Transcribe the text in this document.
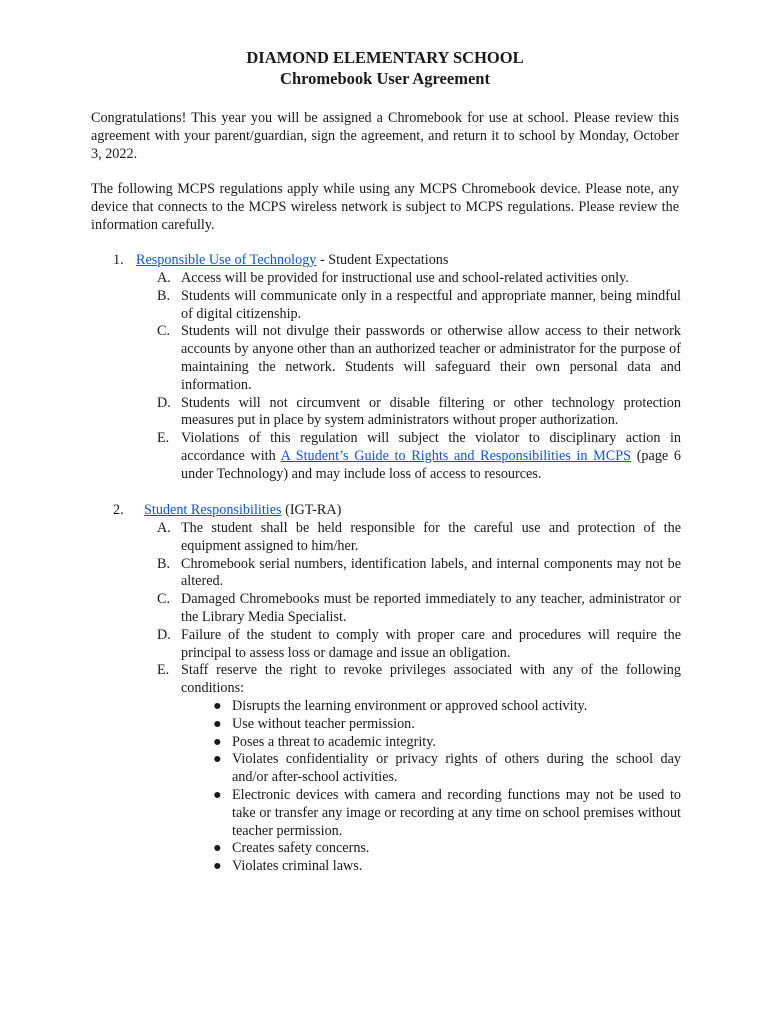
DIAMOND ELEMENTARY SCHOOL
Chromebook User Agreement

Congratulations! This year you will be assigned a Chromebook for use at school. Please review this agreement with your parent/guardian, sign the agreement, and return it to school by Monday, October 3, 2022.

The following MCPS regulations apply while using any MCPS Chromebook device. Please note, any device that connects to the MCPS wireless network is subject to MCPS regulations. Please review the information carefully.

1. Responsible Use of Technology - Student Expectations
A. Access will be provided for instructional use and school-related activities only.
B. Students will communicate only in a respectful and appropriate manner, being mindful of digital citizenship.
C. Students will not divulge their passwords or otherwise allow access to their network accounts by anyone other than an authorized teacher or administrator for the purpose of maintaining the network. Students will safeguard their own personal data and information.
D. Students will not circumvent or disable filtering or other technology protection measures put in place by system administrators without proper authorization.
E. Violations of this regulation will subject the violator to disciplinary action in accordance with A Student’s Guide to Rights and Responsibilities in MCPS (page 6 under Technology) and may include loss of access to resources.
2. Student Responsibilities (IGT-RA)
A. The student shall be held responsible for the careful use and protection of the equipment assigned to him/her.
B. Chromebook serial numbers, identification labels, and internal components may not be altered.
C. Damaged Chromebooks must be reported immediately to any teacher, administrator or the Library Media Specialist.
D. Failure of the student to comply with proper care and procedures will require the principal to assess loss or damage and issue an obligation.
E. Staff reserve the right to revoke privileges associated with any of the following conditions:
● Disrupts the learning environment or approved school activity.
● Use without teacher permission.
● Poses a threat to academic integrity.
● Violates confidentiality or privacy rights of others during the school day and/or after-school activities.
● Electronic devices with camera and recording functions may not be used to take or transfer any image or recording at any time on school premises without teacher permission.
● Creates safety concerns.
● Violates criminal laws.
